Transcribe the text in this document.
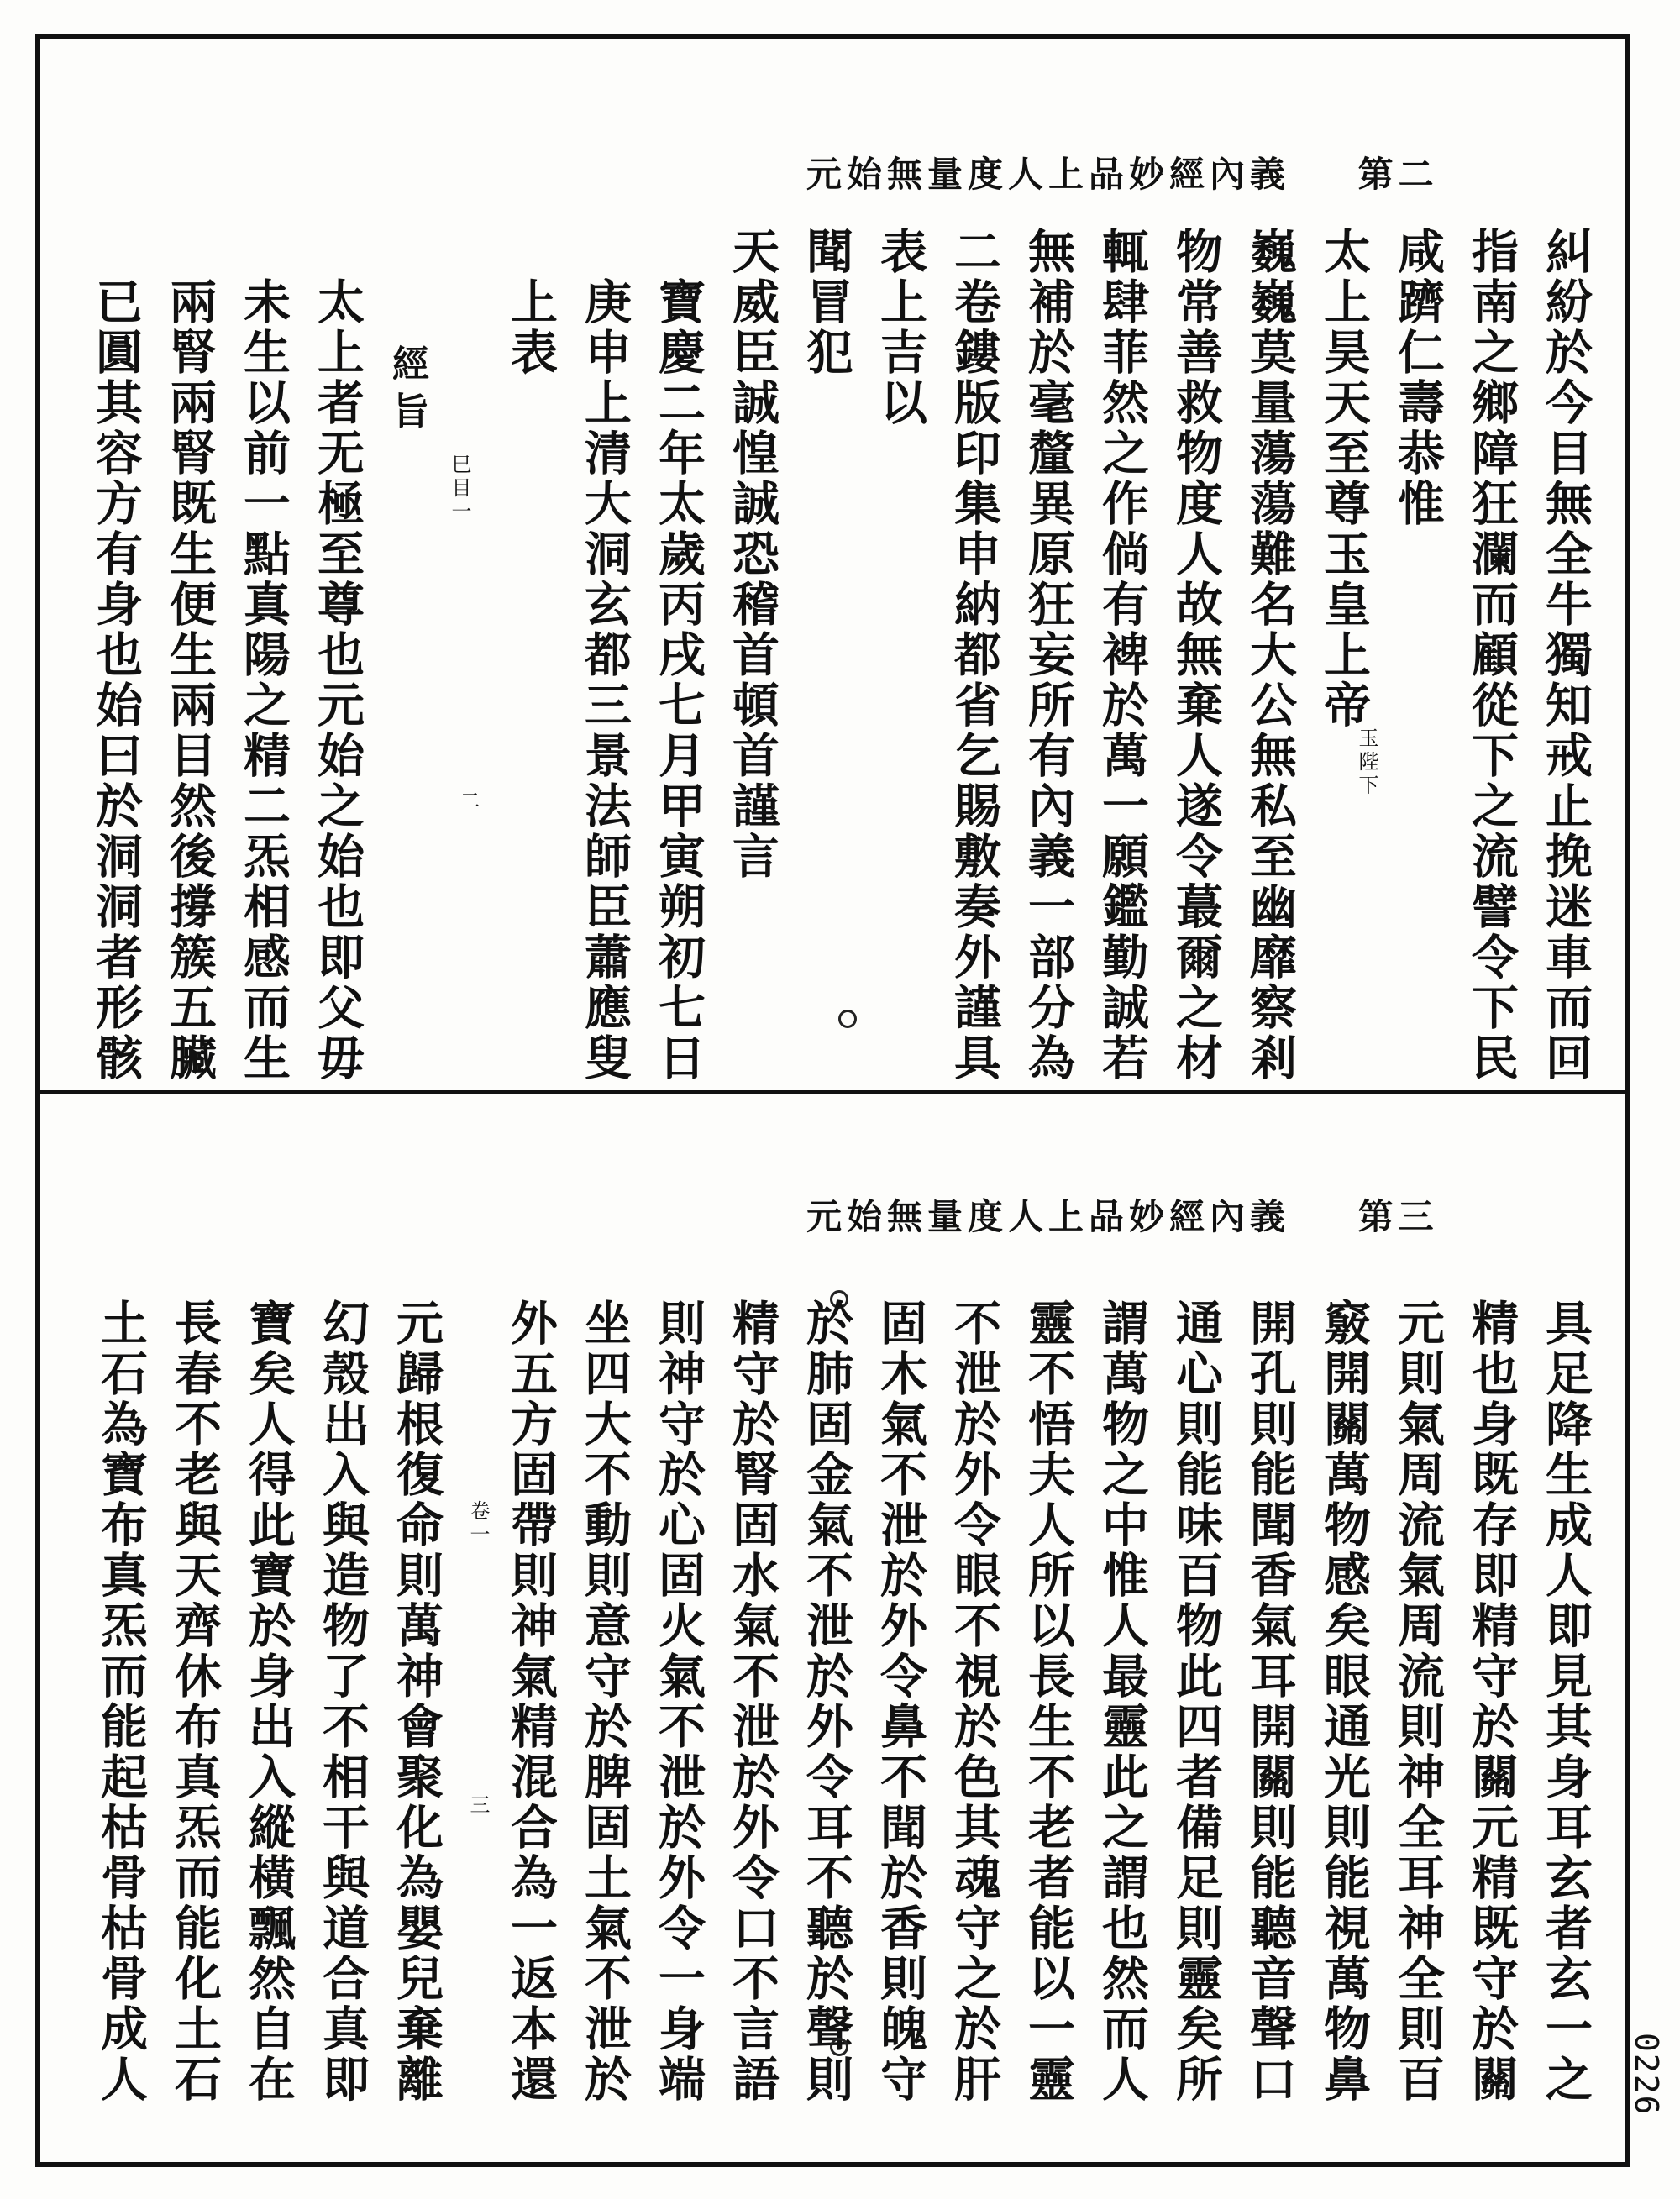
元始無量度人上品妙經內義 第二
糾紛於今目無全牛獨知戒止挽迷車而回
指南之鄉障狂瀾而顧從下之流譬令下民
咸躋仁壽恭惟
太上昊天至尊玉皇上帝
玉陛下
巍巍莫量蕩蕩難名大公無私至幽靡察剎
物常善救物度人故無棄人遂令蕞爾之材
輒肆菲然之作倘有裨於萬一願鑑勤誠若
無補於毫釐異原狂妄所有內義一部分為
二卷鏤版印集申納都省乞賜敷奏外謹具
表上吉以
聞冒犯
天威臣誠惶誠恐稽首頓首謹言
寶慶二年太歲丙戌七月甲寅朔初七日
庚申上清大洞玄都三景法師臣蕭應叟
上表
巳目一
二
經旨
太上者无極至尊也元始之始也即父毋
未生以前一點真陽之精二炁相感而生
兩腎兩腎既生便生兩目然後撐簇五臟
已圓其容方有身也始曰於洞洞者形骸
元始無量度人上品妙經內義 第三
具足降生成人即見其身耳玄者玄一之
精也身既存即精守於關元精既守於關
元則氣周流氣周流則神全耳神全則百
竅開關萬物感矣眼通光則能視萬物鼻
開孔則能聞香氣耳開關則能聽音聲口
通心則能味百物此四者備足則靈矣所
謂萬物之中惟人最靈此之謂也然而人
靈不悟夫人所以長生不老者能以一靈
不泄於外令眼不視於色其魂守之於肝
固木氣不泄於外令鼻不聞於香則魄守
於肺固金氣不泄於外令耳不聽於聲則
精守於腎固水氣不泄於外令口不言語
則神守於心固火氣不泄於外令一身端
坐四大不動則意守於脾固土氣不泄於
外五方固帶則神氣精混合為一返本還
卷一
三
元歸根復命則萬神會聚化為嬰兒棄離
幻殼出入與造物了不相干與道合真即
寶矣人得此寶於身出入縱橫飄然自在
長春不老與天齊休布真炁而能化土石
土石為寶布真炁而能起枯骨枯骨成人	0226
